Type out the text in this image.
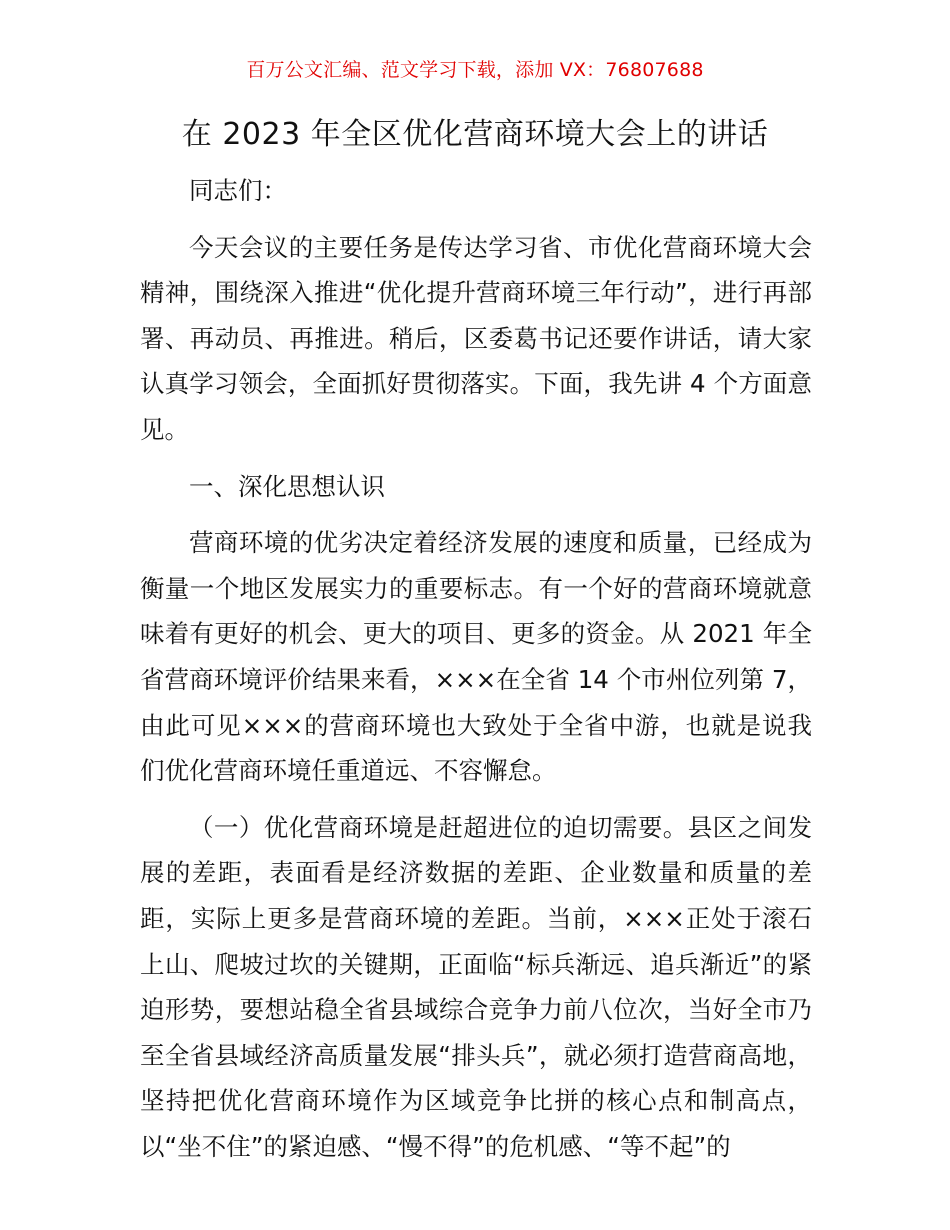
百万公文汇编、范文学习下载，添加 VX：76807688
在 2023 年全区优化营商环境大会上的讲话

同志们：

今天会议的主要任务是传达学习省、市优化营商环境大会精神，围绕深入推进“优化提升营商环境三年行动”，进行再部署、再动员、再推进。稍后，区委葛书记还要作讲话，请大家认真学习领会，全面抓好贯彻落实。下面，我先讲 4 个方面意见。

一、深化思想认识

营商环境的优劣决定着经济发展的速度和质量，已经成为衡量一个地区发展实力的重要标志。有一个好的营商环境就意味着有更好的机会、更大的项目、更多的资金。从 2021 年全省营商环境评价结果来看，×××在全省 14 个市州位列第 7，由此可见×××的营商环境也大致处于全省中游，也就是说我们优化营商环境任重道远、不容懈怠。

（一）优化营商环境是赶超进位的迫切需要。县区之间发展的差距，表面看是经济数据的差距、企业数量和质量的差距，实际上更多是营商环境的差距。当前，×××正处于滚石上山、爬坡过坎的关键期，正面临“标兵渐远、追兵渐近”的紧迫形势，要想站稳全省县域综合竞争力前八位次，当好全市乃至全省县域经济高质量发展“排头兵”，就必须打造营商高地，坚持把优化营商环境作为区域竞争比拼的核心点和制高点，以“坐不住”的紧迫感、“慢不得”的危机感、“等不起”的
